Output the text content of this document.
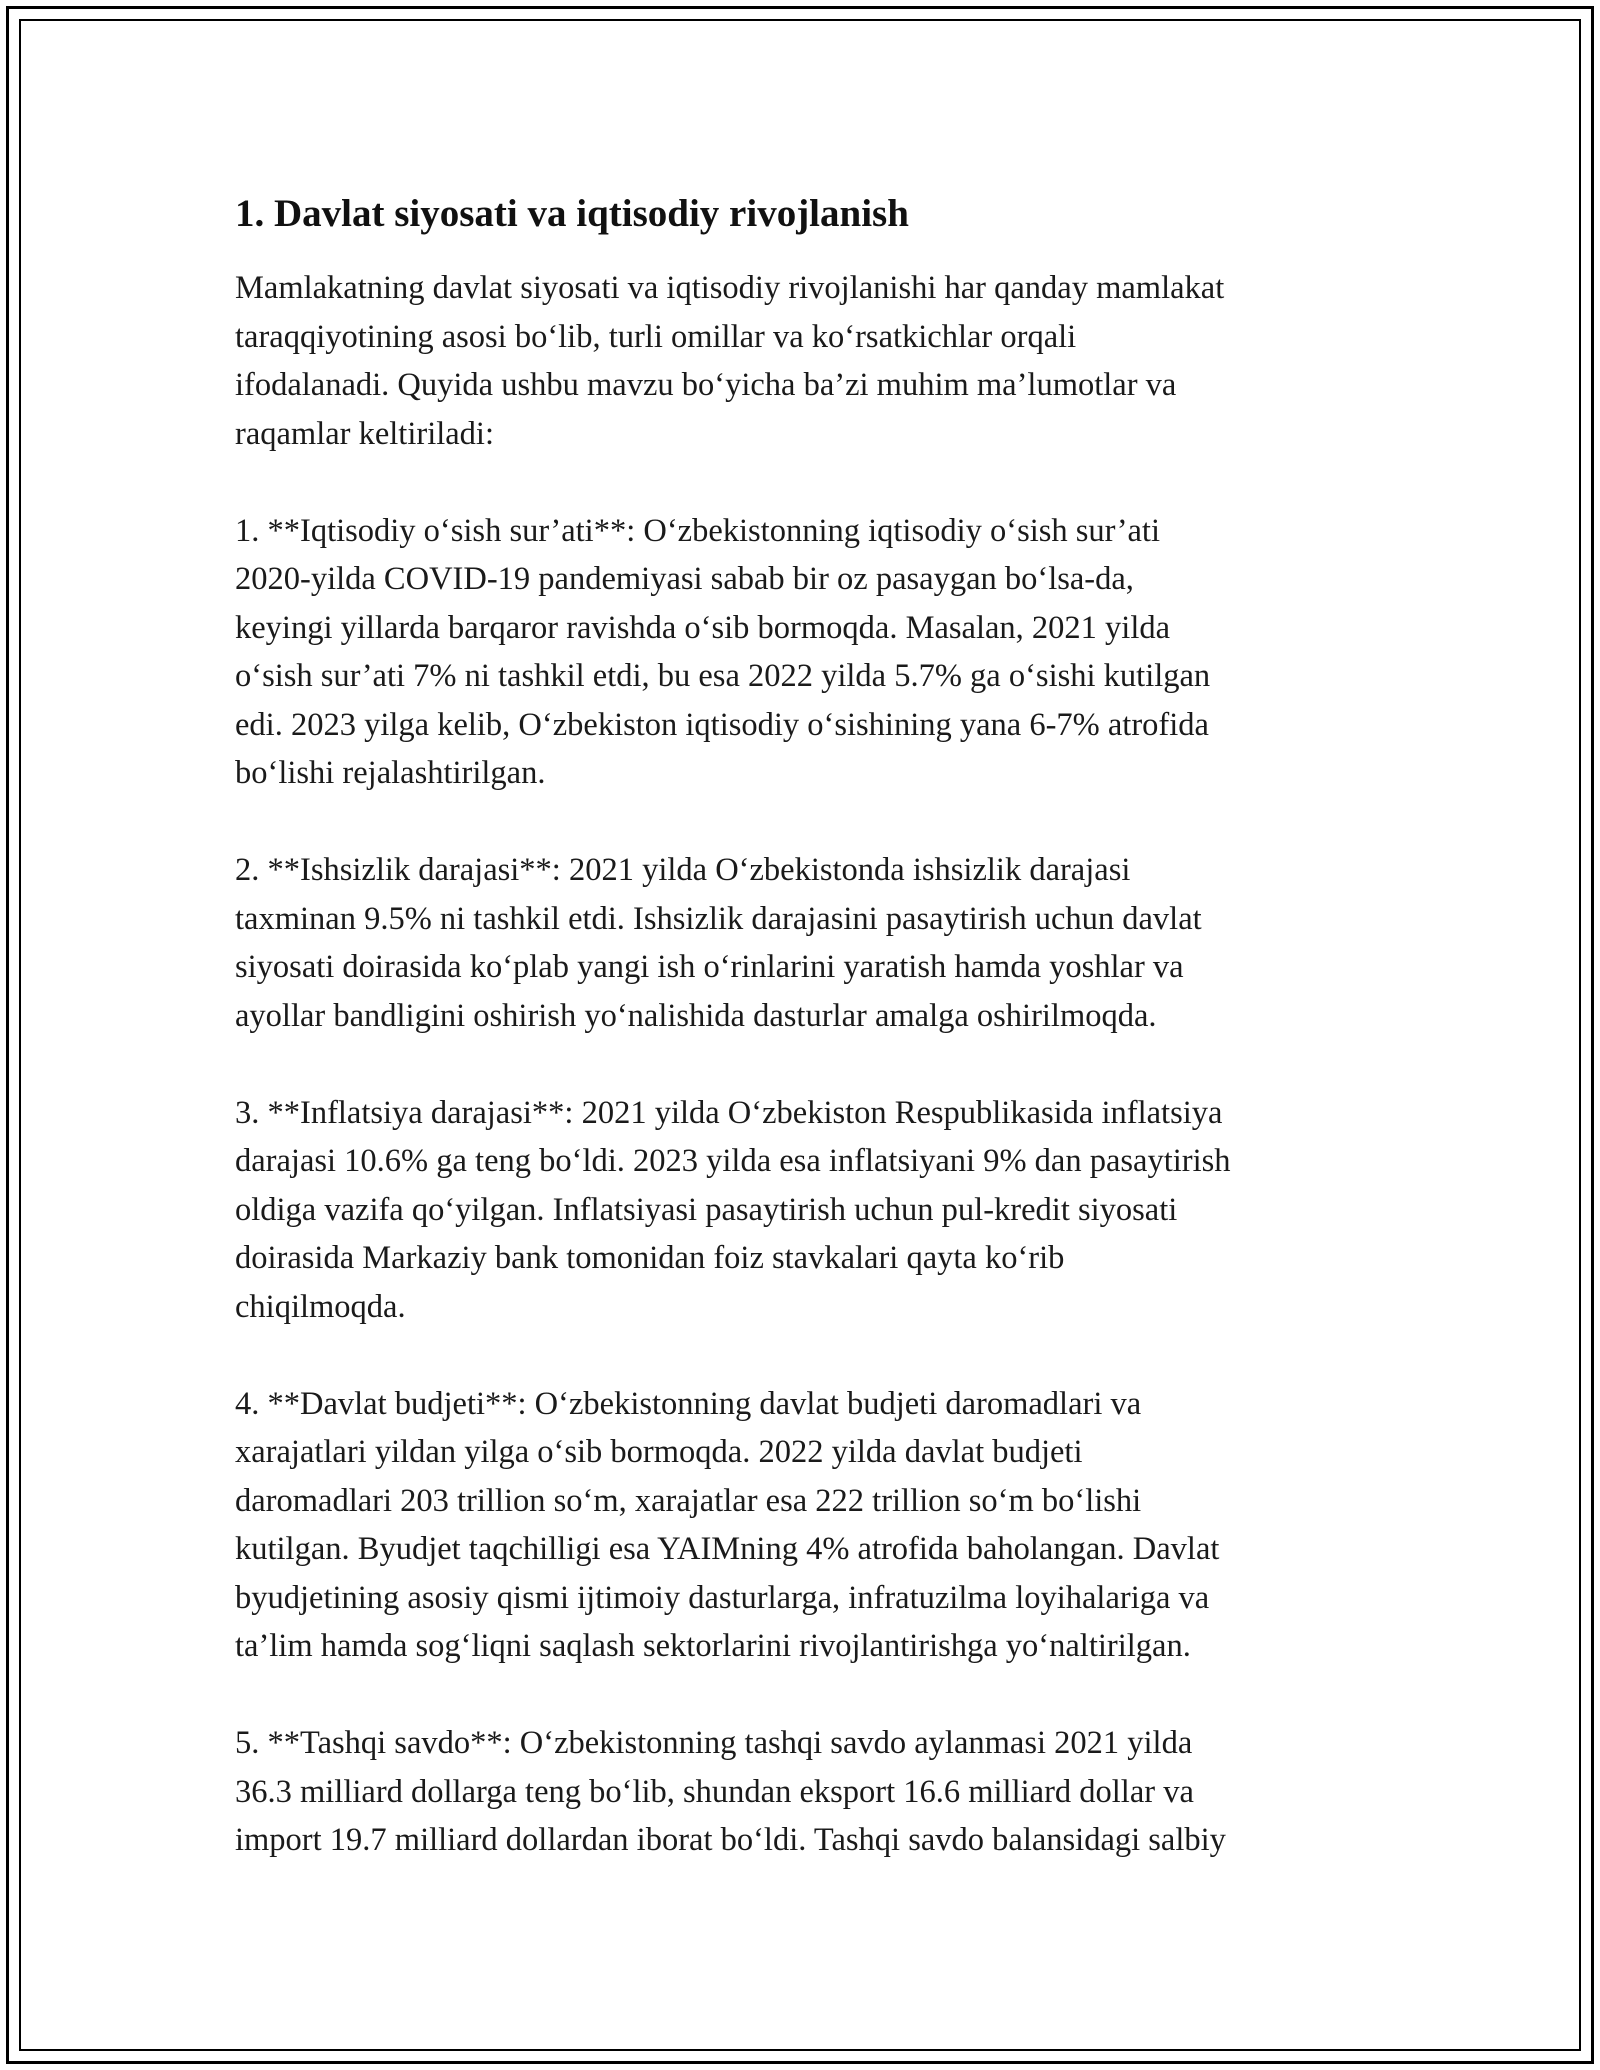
1. Davlat siyosati va iqtisodiy rivojlanish

Mamlakatning davlat siyosati va iqtisodiy rivojlanishi har qanday mamlakat
taraqqiyotining asosi bo‘lib, turli omillar va ko‘rsatkichlar orqali
ifodalanadi. Quyida ushbu mavzu bo‘yicha ba’zi muhim ma’lumotlar va
raqamlar keltiriladi:

1. **Iqtisodiy o‘sish sur’ati**: O‘zbekistonning iqtisodiy o‘sish sur’ati
2020-yilda COVID-19 pandemiyasi sabab bir oz pasaygan bo‘lsa-da,
keyingi yillarda barqaror ravishda o‘sib bormoqda. Masalan, 2021 yilda
o‘sish sur’ati 7% ni tashkil etdi, bu esa 2022 yilda 5.7% ga o‘sishi kutilgan
edi. 2023 yilga kelib, O‘zbekiston iqtisodiy o‘sishining yana 6-7% atrofida
bo‘lishi rejalashtirilgan.

2. **Ishsizlik darajasi**: 2021 yilda O‘zbekistonda ishsizlik darajasi
taxminan 9.5% ni tashkil etdi. Ishsizlik darajasini pasaytirish uchun davlat
siyosati doirasida ko‘plab yangi ish o‘rinlarini yaratish hamda yoshlar va
ayollar bandligini oshirish yo‘nalishida dasturlar amalga oshirilmoqda.

3. **Inflatsiya darajasi**: 2021 yilda O‘zbekiston Respublikasida inflatsiya
darajasi 10.6% ga teng bo‘ldi. 2023 yilda esa inflatsiyani 9% dan pasaytirish
oldiga vazifa qo‘yilgan. Inflatsiyasi pasaytirish uchun pul-kredit siyosati
doirasida Markaziy bank tomonidan foiz stavkalari qayta ko‘rib
chiqilmoqda.

4. **Davlat budjeti**: O‘zbekistonning davlat budjeti daromadlari va
xarajatlari yildan yilga o‘sib bormoqda. 2022 yilda davlat budjeti
daromadlari 203 trillion so‘m, xarajatlar esa 222 trillion so‘m bo‘lishi
kutilgan. Byudjet taqchilligi esa YAIMning 4% atrofida baholangan. Davlat
byudjetining asosiy qismi ijtimoiy dasturlarga, infratuzilma loyihalariga va
ta’lim hamda sog‘liqni saqlash sektorlarini rivojlantirishga yo‘naltirilgan.

5. **Tashqi savdo**: O‘zbekistonning tashqi savdo aylanmasi 2021 yilda
36.3 milliard dollarga teng bo‘lib, shundan eksport 16.6 milliard dollar va
import 19.7 milliard dollardan iborat bo‘ldi. Tashqi savdo balansidagi salbiy
